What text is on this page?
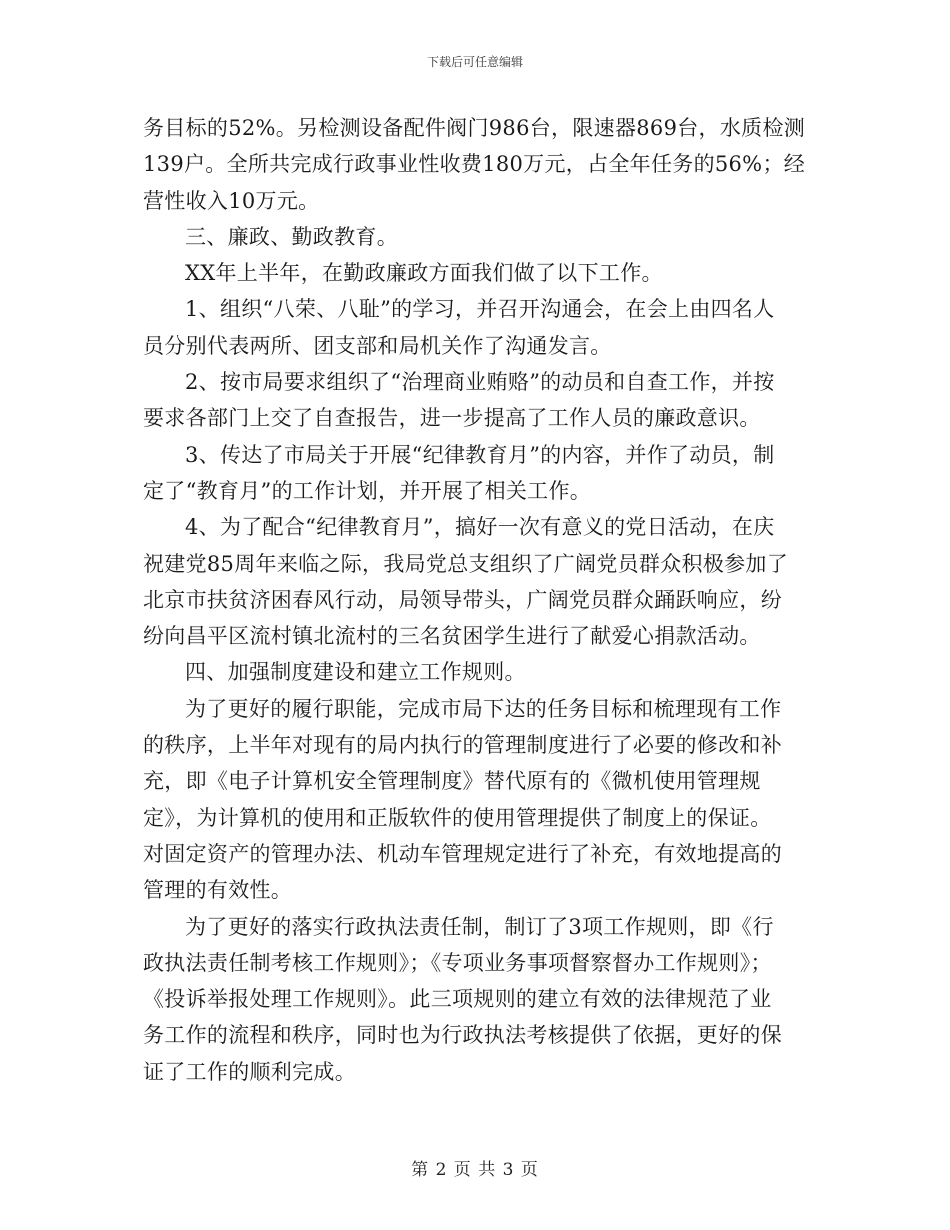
下载后可任意编辑
务目标的52%。另检测设备配件阀门986台，限速器869台，水质检测
139户。全所共完成行政事业性收费180万元，占全年任务的56%；经
营性收入10万元。
三、廉政、勤政教育。
XX年上半年，在勤政廉政方面我们做了以下工作。
1、组织“八荣、八耻”的学习，并召开沟通会，在会上由四名人
员分别代表两所、团支部和局机关作了沟通发言。
2、按市局要求组织了“治理商业贿赂”的动员和自查工作，并按
要求各部门上交了自查报告，进一步提高了工作人员的廉政意识。
3、传达了市局关于开展“纪律教育月”的内容，并作了动员，制
定了“教育月”的工作计划，并开展了相关工作。
4、为了配合“纪律教育月”，搞好一次有意义的党日活动，在庆
祝建党85周年来临之际，我局党总支组织了广阔党员群众积极参加了
北京市扶贫济困春风行动，局领导带头，广阔党员群众踊跃响应，纷
纷向昌平区流村镇北流村的三名贫困学生进行了献爱心捐款活动。
四、加强制度建设和建立工作规则。
为了更好的履行职能，完成市局下达的任务目标和梳理现有工作
的秩序，上半年对现有的局内执行的管理制度进行了必要的修改和补
充，即《电子计算机安全管理制度》替代原有的《微机使用管理规
定》，为计算机的使用和正版软件的使用管理提供了制度上的保证。
对固定资产的管理办法、机动车管理规定进行了补充，有效地提高的
管理的有效性。
为了更好的落实行政执法责任制，制订了3项工作规则，即《行
政执法责任制考核工作规则》；《专项业务事项督察督办工作规则》；
《投诉举报处理工作规则》。此三项规则的建立有效的法律规范了业
务工作的流程和秩序，同时也为行政执法考核提供了依据，更好的保
证了工作的顺利完成。
第 2 页 共 3 页
